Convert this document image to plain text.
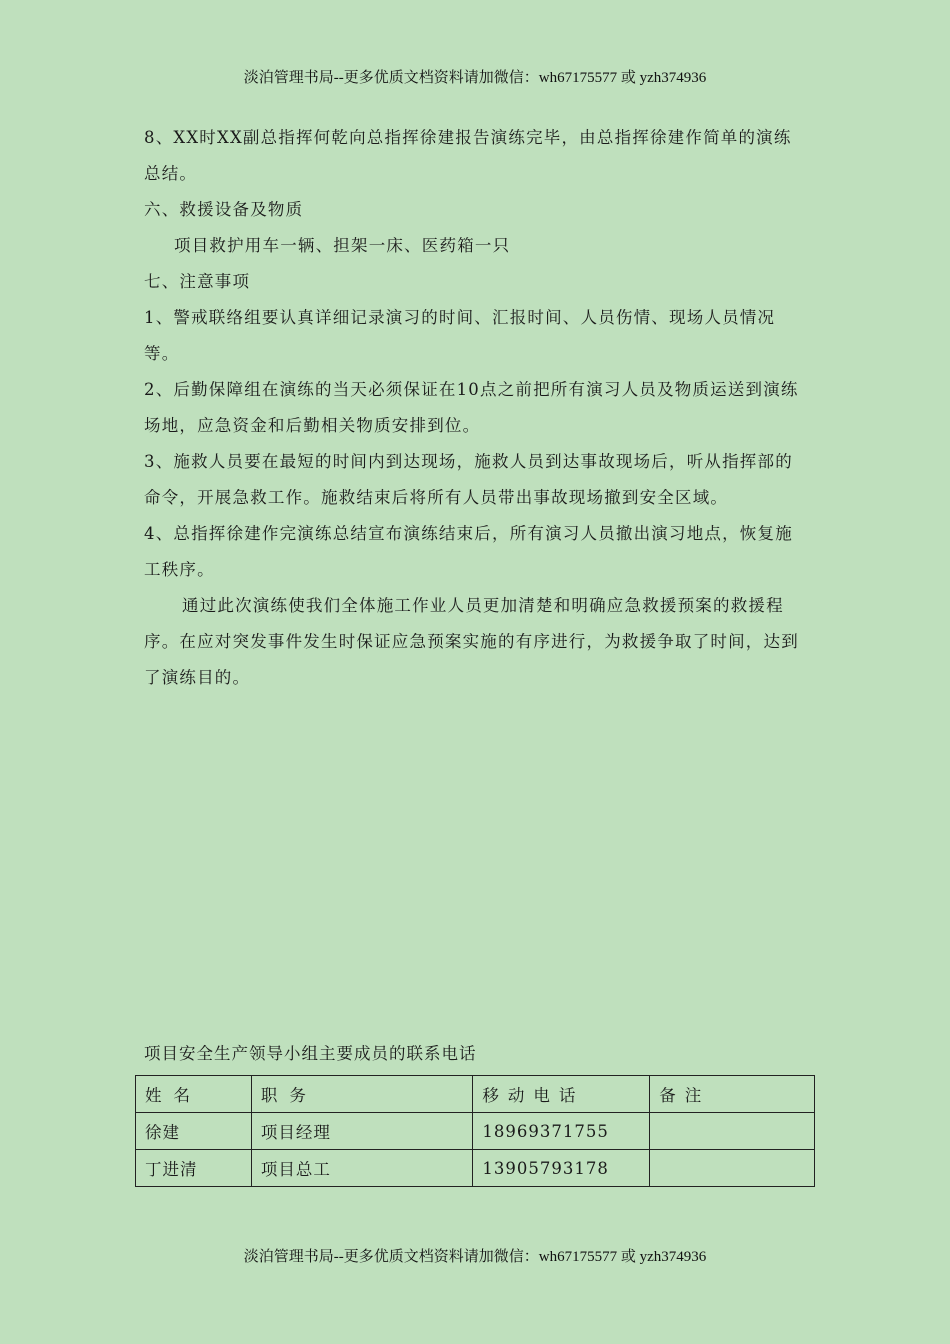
淡泊管理书局--更多优质文档资料请加微信：wh67175577 或 yzh374936

8、XX时XX副总指挥何乾向总指挥徐建报告演练完毕，由总指挥徐建作简单的演练总结。

六、救援设备及物质

项目救护用车一辆、担架一床、医药箱一只

七、注意事项

1、警戒联络组要认真详细记录演习的时间、汇报时间、人员伤情、现场人员情况等。

2、后勤保障组在演练的当天必须保证在10点之前把所有演习人员及物质运送到演练场地，应急资金和后勤相关物质安排到位。

3、施救人员要在最短的时间内到达现场，施救人员到达事故现场后，听从指挥部的命令，开展急救工作。施救结束后将所有人员带出事故现场撤到安全区域。

4、总指挥徐建作完演练总结宣布演练结束后，所有演习人员撤出演习地点，恢复施工秩序。

通过此次演练使我们全体施工作业人员更加清楚和明确应急救援预案的救援程序。在应对突发事件发生时保证应急预案实施的有序进行，为救援争取了时间，达到了演练目的。

项目安全生产领导小组主要成员的联系电话
姓名	职务	移动电话	备注
徐建	项目经理	18969371755	
丁进清	项目总工	13905793178	
淡泊管理书局--更多优质文档资料请加微信：wh67175577 或 yzh374936
